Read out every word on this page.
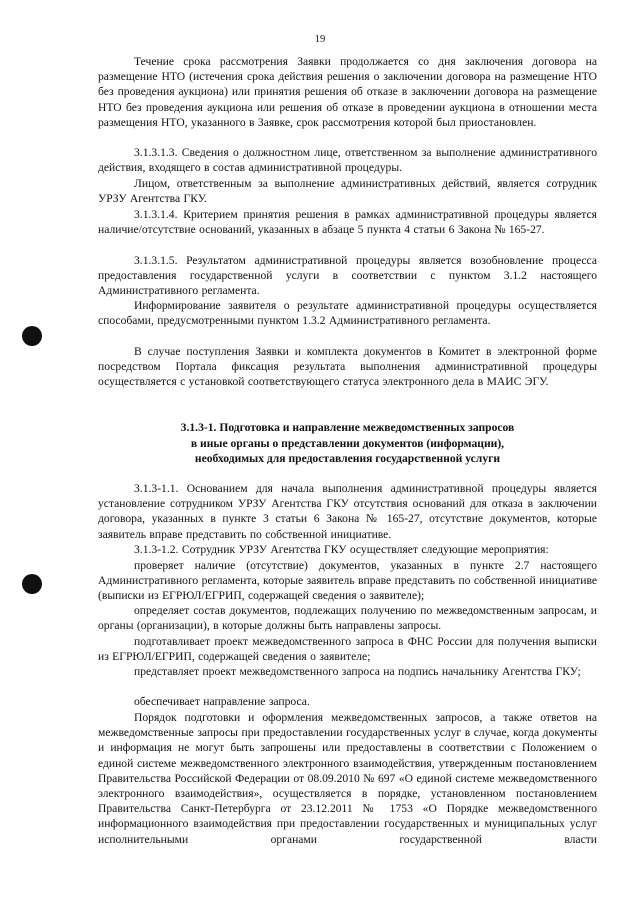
19

Течение срока рассмотрения Заявки продолжается со дня заключения договора на размещение НТО (истечения срока действия решения о заключении договора на размещение НТО без проведения аукциона) или принятия решения об отказе в заключении договора на размещение НТО без проведения аукциона или решения об отказе в проведении аукциона в отношении места размещения НТО, указанного в Заявке, срок рассмотрения которой был приостановлен.

3.1.3.1.3. Сведения о должностном лице, ответственном за выполнение административного действия, входящего в состав административной процедуры.

Лицом, ответственным за выполнение административных действий, является сотрудник УРЗУ Агентства ГКУ.

3.1.3.1.4. Критерием принятия решения в рамках административной процедуры является наличие/отсутствие оснований, указанных в абзаце 5 пункта 4 статьи 6 Закона № 165-27.

3.1.3.1.5. Результатом административной процедуры является возобновление процесса предоставления государственной услуги в соответствии с пунктом 3.1.2 настоящего Административного регламента.

Информирование заявителя о результате административной процедуры осуществляется способами, предусмотренными пунктом 1.3.2 Административного регламента.

В случае поступления Заявки и комплекта документов в Комитет в электронной форме посредством Портала фиксация результата выполнения административной процедуры осуществляется с установкой соответствующего статуса электронного дела в МАИС ЭГУ.

3.1.3-1. Подготовка и направление межведомственных запросов
в иные органы о представлении документов (информации),
необходимых для предоставления государственной услуги

3.1.3-1.1. Основанием для начала выполнения административной процедуры является установление сотрудником УРЗУ Агентства ГКУ отсутствия оснований для отказа в заключении договора, указанных в пункте 3 статьи 6 Закона № 165-27, отсутствие документов, которые заявитель вправе представить по собственной инициативе.

3.1.3-1.2. Сотрудник УРЗУ Агентства ГКУ осуществляет следующие мероприятия:

проверяет наличие (отсутствие) документов, указанных в пункте 2.7 настоящего Административного регламента, которые заявитель вправе представить по собственной инициативе (выписки из ЕГРЮЛ/ЕГРИП, содержащей сведения о заявителе);

определяет состав документов, подлежащих получению по межведомственным запросам, и органы (организации), в которые должны быть направлены запросы.

подготавливает проект межведомственного запроса в ФНС России для получения выписки из ЕГРЮЛ/ЕГРИП, содержащей сведения о заявителе;

представляет проект межведомственного запроса на подпись начальнику Агентства ГКУ;

обеспечивает направление запроса.

Порядок подготовки и оформления межведомственных запросов, а также ответов на межведомственные запросы при предоставлении государственных услуг в случае, когда документы и информация не могут быть запрошены или предоставлены в соответствии с Положением о единой системе межведомственного электронного взаимодействия, утвержденным постановлением Правительства Российской Федерации от 08.09.2010 № 697 «О единой системе межведомственного электронного взаимодействия», осуществляется в порядке, установленном постановлением Правительства Санкт-Петербурга от 23.12.2011 № 1753 «О Порядке межведомственного информационного взаимодействия при предоставлении государственных и муниципальных услуг исполнительными органами государственной власти
